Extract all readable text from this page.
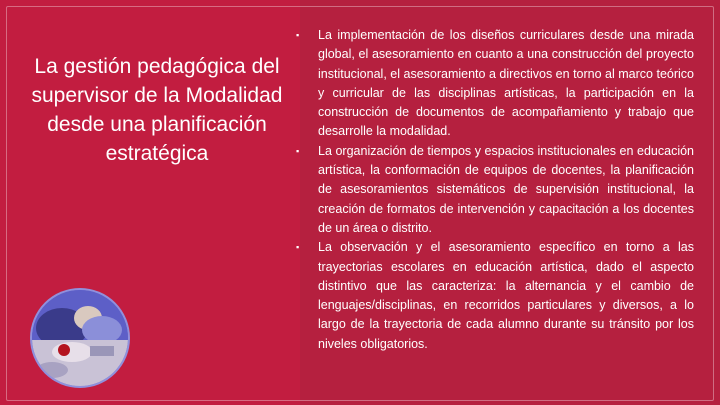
La gestión pedagógica del supervisor de la Modalidad desde una planificación estratégica
▪ La implementación de los diseños curriculares desde una mirada global, el asesoramiento en cuanto a una construcción del proyecto institucional, el asesoramiento a directivos en torno al marco teórico y curricular de las disciplinas artísticas, la participación en la construcción de documentos de acompañamiento y trabajo que desarrolle la modalidad.
▪ La organización de tiempos y espacios institucionales en educación artística, la conformación de equipos de docentes, la planificación de asesoramientos sistemáticos de supervisión institucional, la creación de formatos de intervención y capacitación a los docentes de un área o distrito.
▪ La observación y el asesoramiento específico en torno a las trayectorias escolares en educación artística, dado el aspecto distintivo que las caracteriza: la alternancia y el cambio de lenguajes/disciplinas, en recorridos particulares y diversos, a lo largo de la trayectoria de cada alumno durante su tránsito por los niveles obligatorios.
